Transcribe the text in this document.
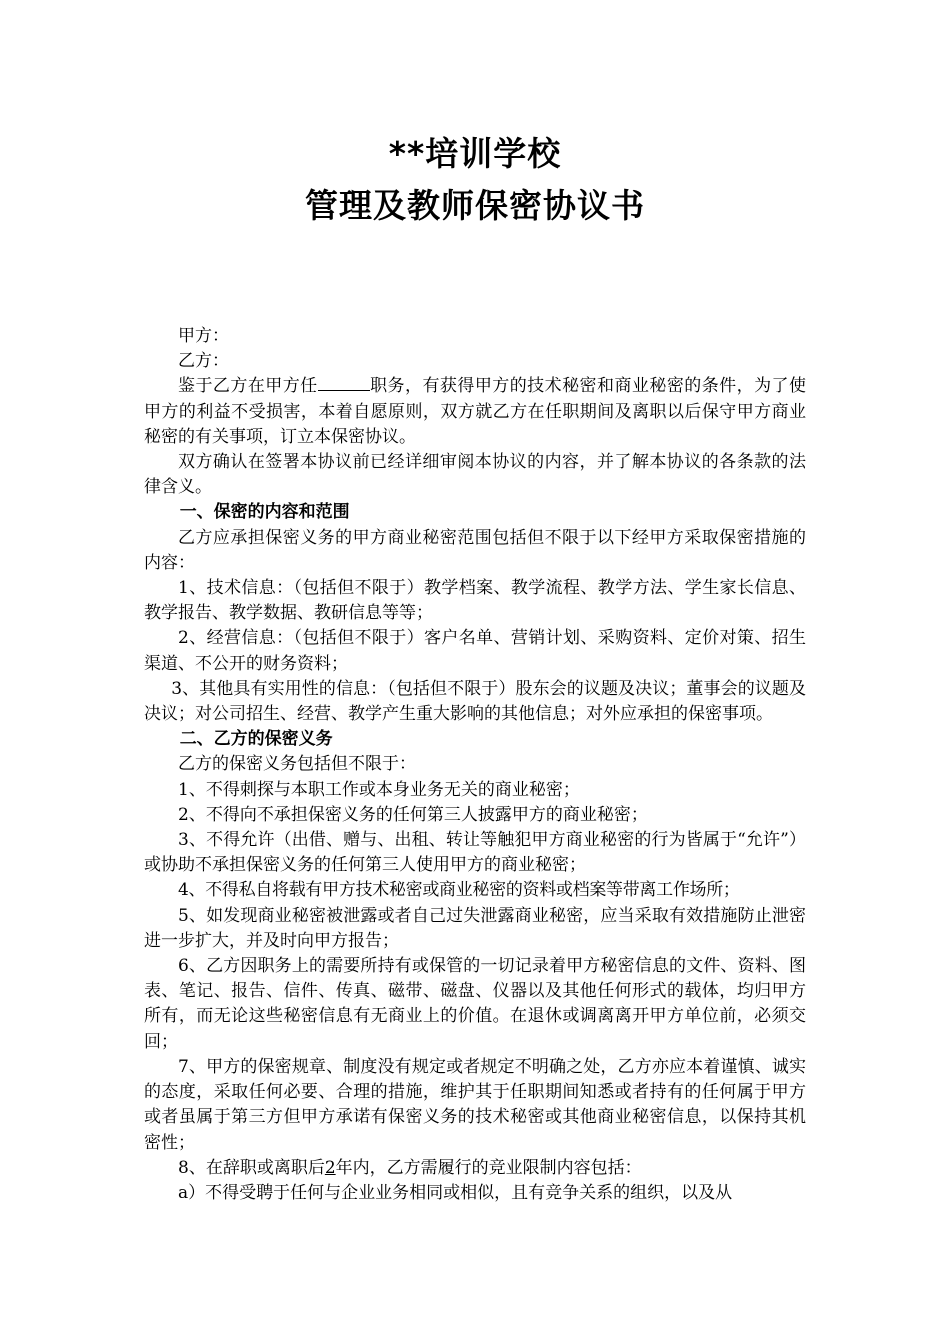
**培训学校
管理及教师保密协议书

甲方：

乙方：

鉴于乙方在甲方任	职务，有获得甲方的技术秘密和商业秘密的条件，为了使甲方的利益不受损害，本着自愿原则，双方就乙方在任职期间及离职以后保守甲方商业秘密的有关事项，订立本保密协议。

双方确认在签署本协议前已经详细审阅本协议的内容，并了解本协议的各条款的法律含义。

一、保密的内容和范围

乙方应承担保密义务的甲方商业秘密范围包括但不限于以下经甲方采取保密措施的内容：

1、技术信息：（包括但不限于）教学档案、教学流程、教学方法、学生家长信息、教学报告、教学数据、教研信息等等；

2、经营信息：（包括但不限于）客户名单、营销计划、采购资料、定价对策、招生渠道、不公开的财务资料；

3、其他具有实用性的信息：（包括但不限于）股东会的议题及决议；董事会的议题及决议；对公司招生、经营、教学产生重大影响的其他信息；对外应承担的保密事项。

二、乙方的保密义务

乙方的保密义务包括但不限于：

1、不得刺探与本职工作或本身业务无关的商业秘密；

2、不得向不承担保密义务的任何第三人披露甲方的商业秘密；

3、不得允许（出借、赠与、出租、转让等触犯甲方商业秘密的行为皆属于“允许”）或协助不承担保密义务的任何第三人使用甲方的商业秘密；

4、不得私自将载有甲方技术秘密或商业秘密的资料或档案等带离工作场所；

5、如发现商业秘密被泄露或者自己过失泄露商业秘密，应当采取有效措施防止泄密进一步扩大，并及时向甲方报告；

6、乙方因职务上的需要所持有或保管的一切记录着甲方秘密信息的文件、资料、图表、笔记、报告、信件、传真、磁带、磁盘、仪器以及其他任何形式的载体，均归甲方所有，而无论这些秘密信息有无商业上的价值。在退休或调离离开甲方单位前，必须交回；

7、甲方的保密规章、制度没有规定或者规定不明确之处，乙方亦应本着谨慎、诚实的态度，采取任何必要、合理的措施，维护其于任职期间知悉或者持有的任何属于甲方或者虽属于第三方但甲方承诺有保密义务的技术秘密或其他商业秘密信息，以保持其机密性；

8、在辞职或离职后2年内，乙方需履行的竞业限制内容包括：

a）不得受聘于任何与企业业务相同或相似，且有竞争关系的组织，以及从
